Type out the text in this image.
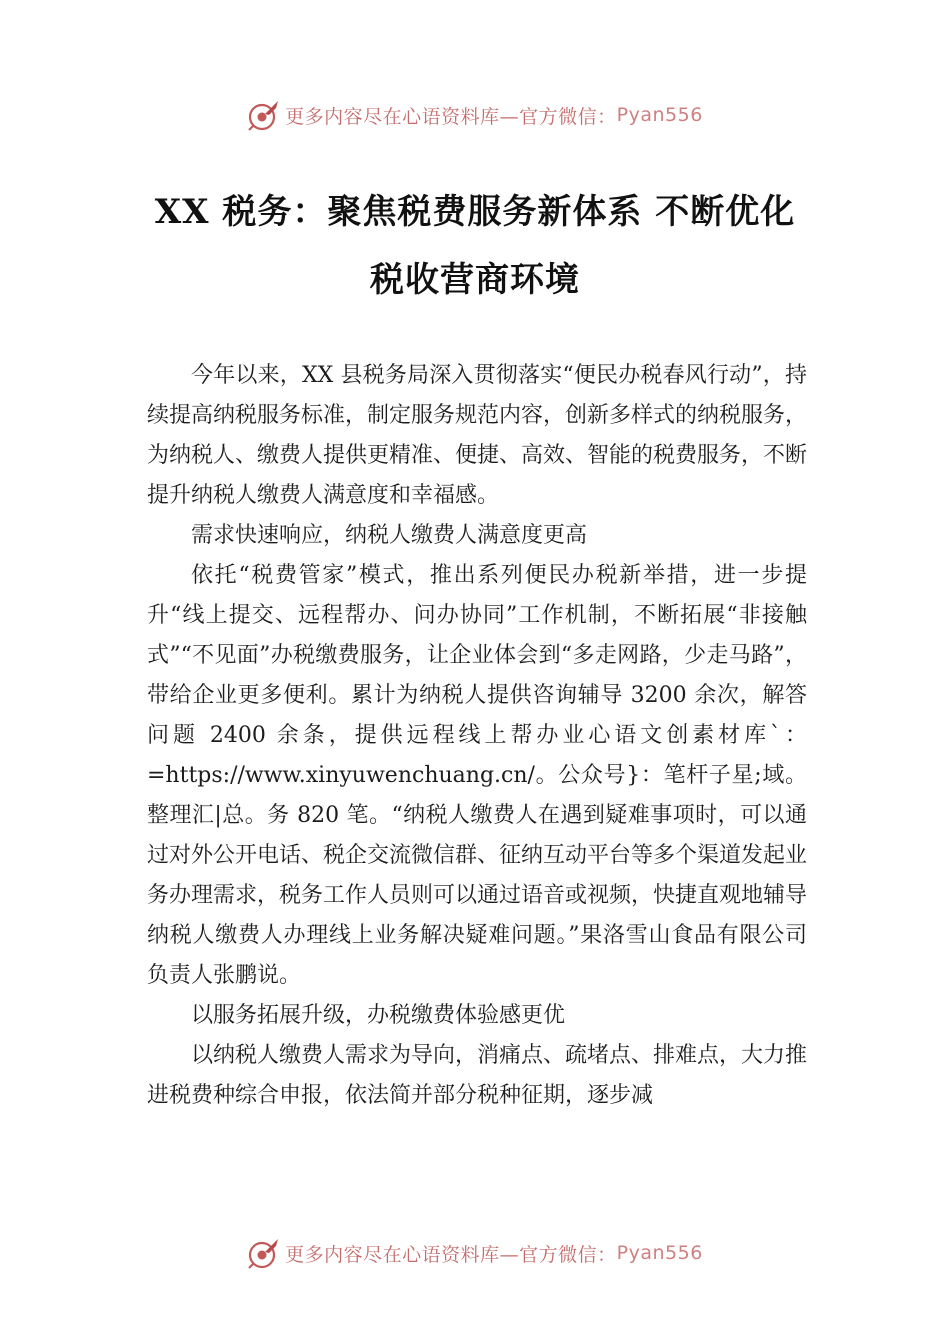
更多内容尽在心语资料库—官方微信： Pyan556
XX 税务：聚焦税费服务新体系 不断优化
税收营商环境

今年以来，XX 县税务局深入贯彻落实“便民办税春风行动”，持续提高纳税服务标准，制定服务规范内容，创新多样式的纳税服务，为纳税人、缴费人提供更精准、便捷、高效、智能的税费服务，不断提升纳税人缴费人满意度和幸福感。

需求快速响应，纳税人缴费人满意度更高

依托“税费管家”模式，推出系列便民办税新举措，进一步提升“线上提交、远程帮办、问办协同”工作机制，不断拓展“非接触式”“不见面”办税缴费服务，让企业体会到“多走网路，少走马路”，带给企业更多便利。累计为纳税人提供咨询辅导 3200 余次，解答问题 2400 余条，提供远程线上帮办业心语文创素材库`：=https://www.xinyuwenchuang.cn/。公众号}：笔杆子星;域。整理汇|总。务 820 笔。“纳税人缴费人在遇到疑难事项时，可以通过对外公开电话、税企交流微信群、征纳互动平台等多个渠道发起业务办理需求，税务工作人员则可以通过语音或视频，快捷直观地辅导纳税人缴费人办理线上业务解决疑难问题。”果洛雪山食品有限公司负责人张鹏说。

以服务拓展升级，办税缴费体验感更优

以纳税人缴费人需求为导向，消痛点、疏堵点、排难点，大力推进税费种综合申报，依法简并部分税种征期，逐步减

更多内容尽在心语资料库—官方微信： Pyan556
